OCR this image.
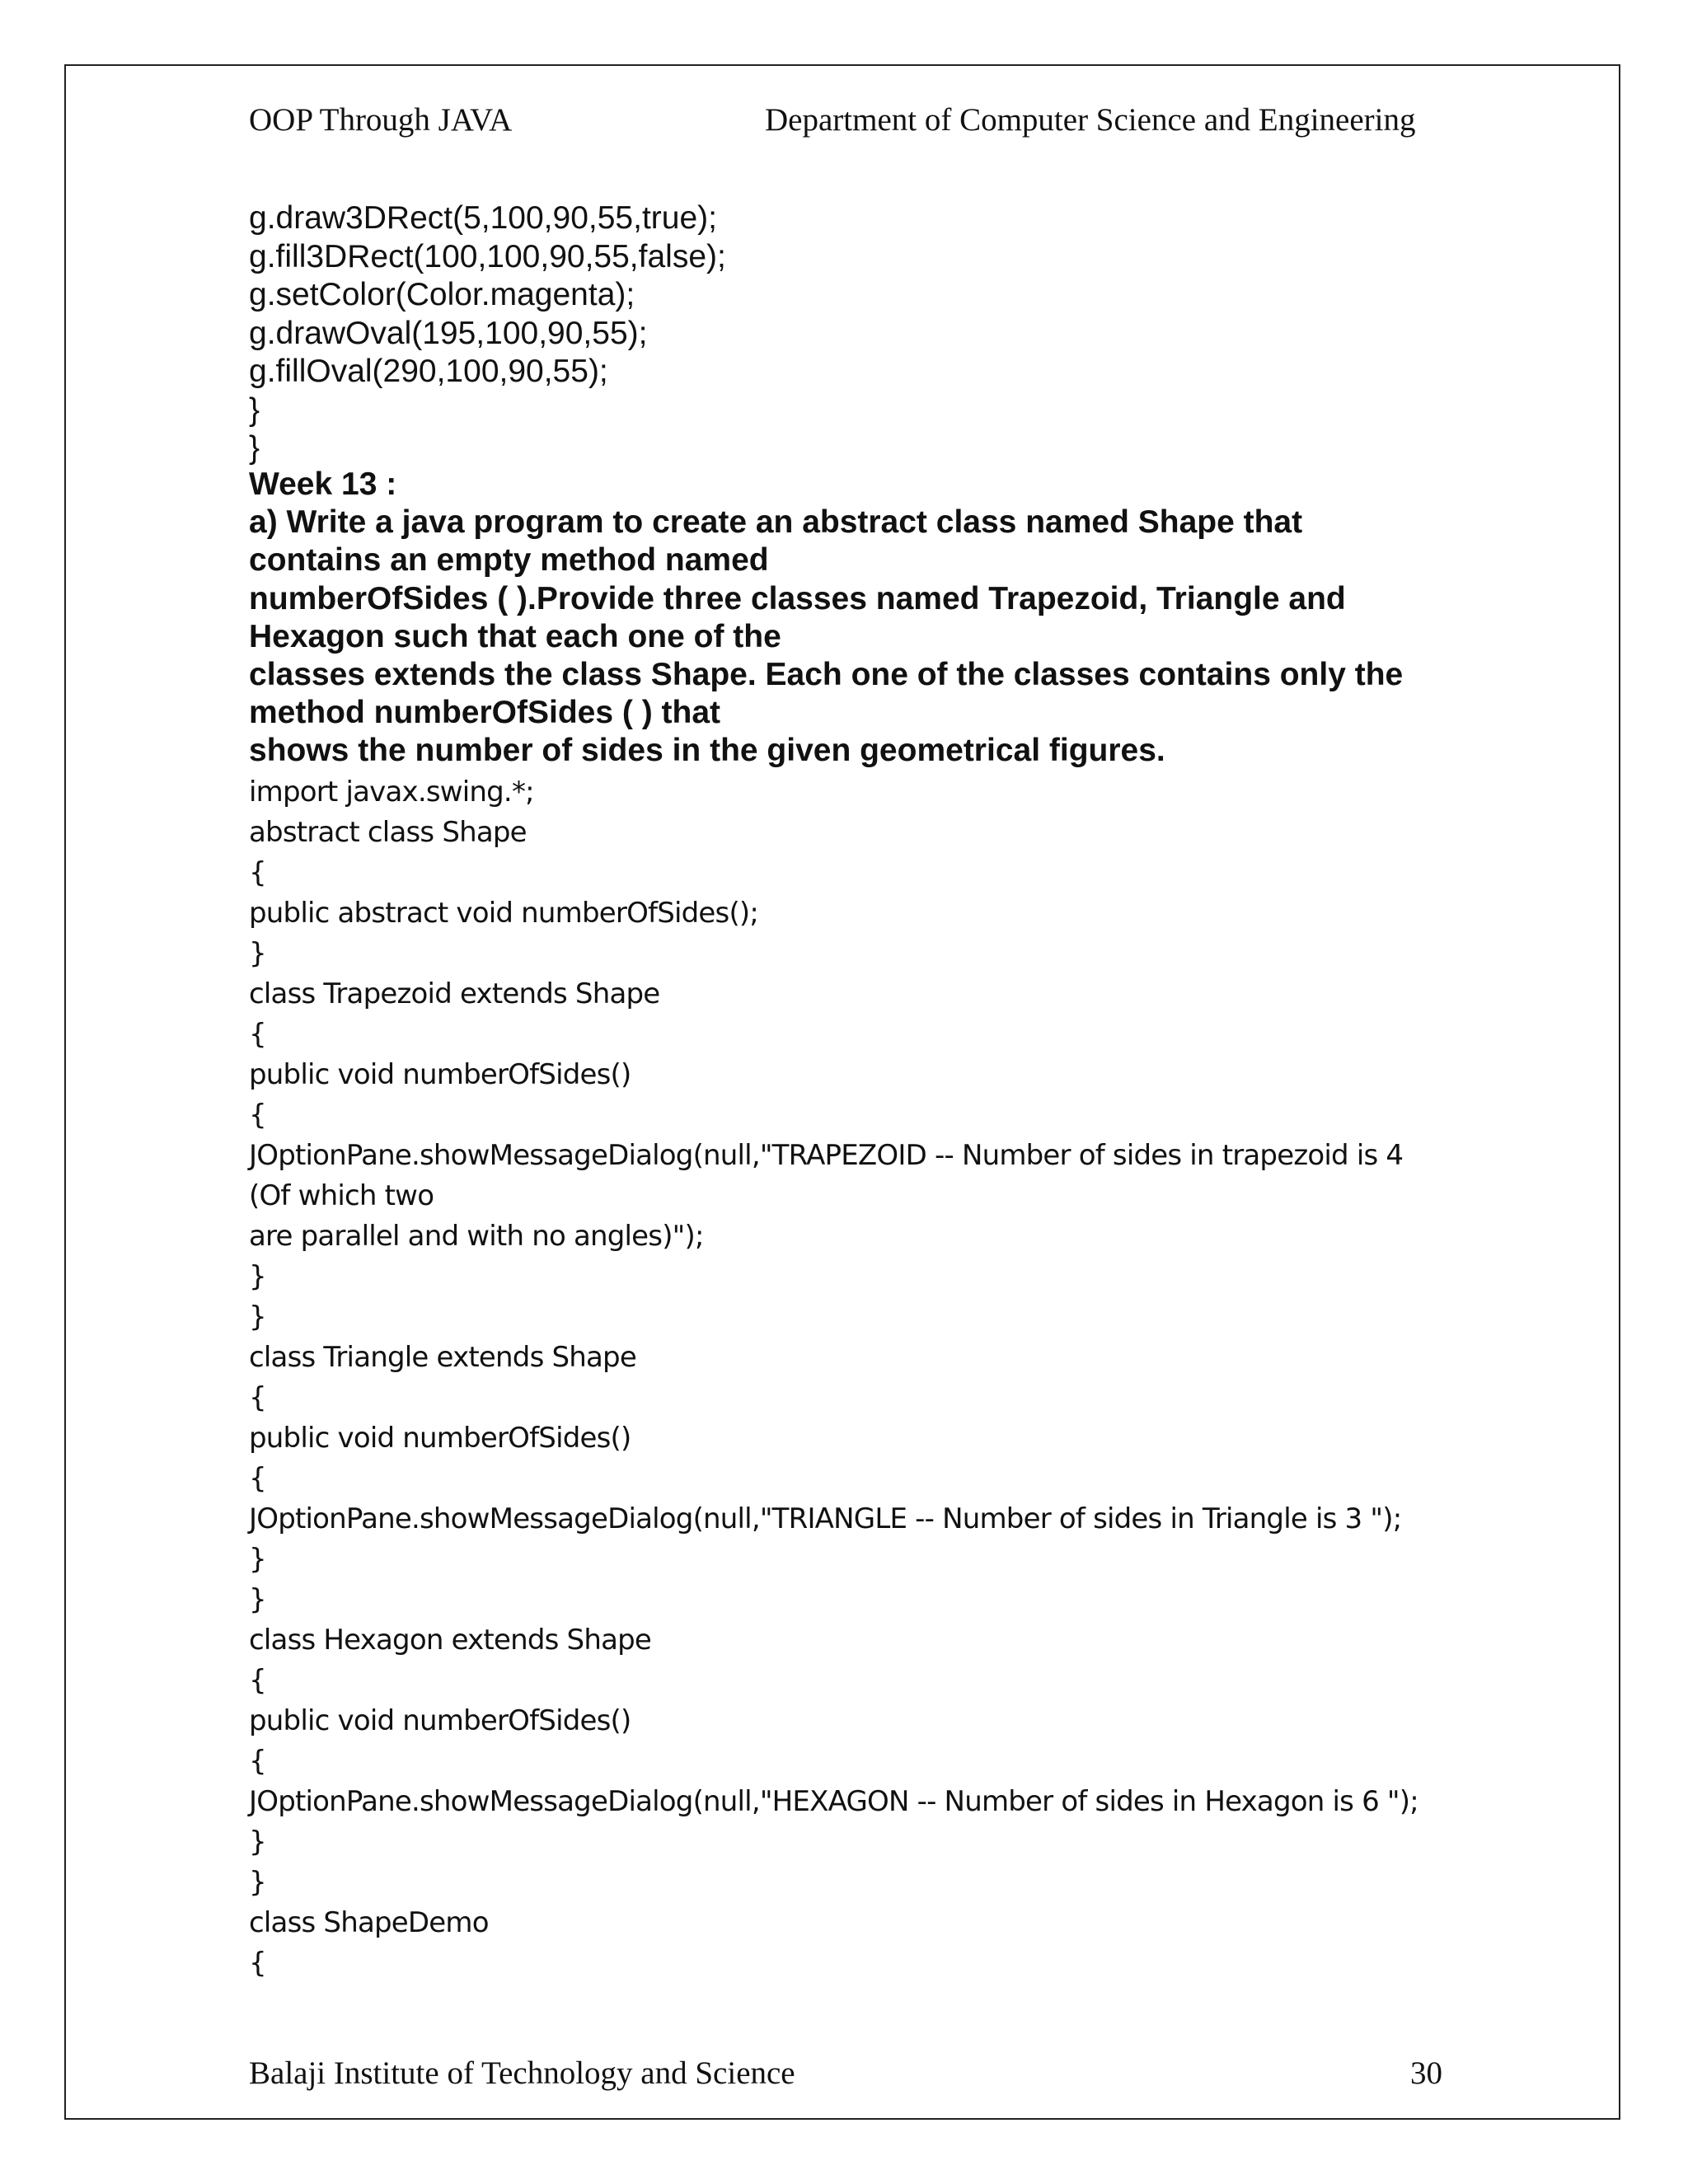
OOP Through JAVA	Department of Computer Science and Engineering
g.draw3DRect(5,100,90,55,true);
g.fill3DRect(100,100,90,55,false);
g.setColor(Color.magenta);
g.drawOval(195,100,90,55);
g.fillOval(290,100,90,55);
}
}
Week 13 :
a) Write a java program to create an abstract class named Shape that
contains an empty method named
numberOfSides ( ).Provide three classes named Trapezoid, Triangle and
Hexagon such that each one of the
classes extends the class Shape. Each one of the classes contains only the
method numberOfSides ( ) that
shows the number of sides in the given geometrical figures.
import javax.swing.*;
abstract class Shape
{
public abstract void numberOfSides();
}
class Trapezoid extends Shape
{
public void numberOfSides()
{
JOptionPane.showMessageDialog(null,"TRAPEZOID -- Number of sides in trapezoid is 4
(Of which two
are parallel and with no angles)");
}
}
class Triangle extends Shape
{
public void numberOfSides()
{
JOptionPane.showMessageDialog(null,"TRIANGLE -- Number of sides in Triangle is 3 ");
}
}
class Hexagon extends Shape
{
public void numberOfSides()
{
JOptionPane.showMessageDialog(null,"HEXAGON -- Number of sides in Hexagon is 6 ");
}
}
class ShapeDemo
{
Balaji Institute of Technology and Science	30
